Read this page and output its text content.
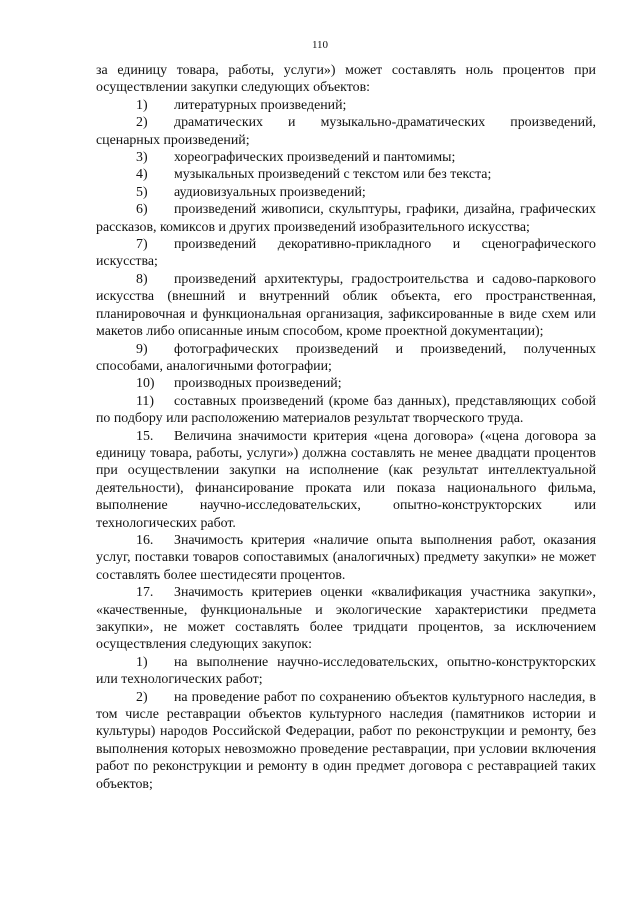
110

за единицу товара, работы, услуги») может составлять ноль процентов при осуществлении закупки следующих объектов:

1) литературных произведений;

2) драматических и музыкально-драматических произведений, сценарных произведений;

3) хореографических произведений и пантомимы;

4) музыкальных произведений с текстом или без текста;

5) аудиовизуальных произведений;

6) произведений живописи, скульптуры, графики, дизайна, графических рассказов, комиксов и других произведений изобразительного искусства;

7) произведений декоративно-прикладного и сценографического искусства;

8) произведений архитектуры, градостроительства и садово-паркового искусства (внешний и внутренний облик объекта, его пространственная, планировочная и функциональная организация, зафиксированные в виде схем или макетов либо описанные иным способом, кроме проектной документации);

9) фотографических произведений и произведений, полученных способами, аналогичными фотографии;

10) производных произведений;

11) составных произведений (кроме баз данных), представляющих собой по подбору или расположению материалов результат творческого труда.

15. Величина значимости критерия «цена договора» («цена договора за единицу товара, работы, услуги») должна составлять не менее двадцати процентов при осуществлении закупки на исполнение (как результат интеллектуальной деятельности), финансирование проката или показа национального фильма, выполнение научно-исследовательских, опытно-конструкторских или технологических работ.

16. Значимость критерия «наличие опыта выполнения работ, оказания услуг, поставки товаров сопоставимых (аналогичных) предмету закупки» не может составлять более шестидесяти процентов.

17. Значимость критериев оценки «квалификация участника закупки», «качественные, функциональные и экологические характеристики предмета закупки», не может составлять более тридцати процентов, за исключением осуществления следующих закупок:

1) на выполнение научно-исследовательских, опытно-конструкторских или технологических работ;

2) на проведение работ по сохранению объектов культурного наследия, в том числе реставрации объектов культурного наследия (памятников истории и культуры) народов Российской Федерации, работ по реконструкции и ремонту, без выполнения которых невозможно проведение реставрации, при условии включения работ по реконструкции и ремонту в один предмет договора с реставрацией таких объектов;
